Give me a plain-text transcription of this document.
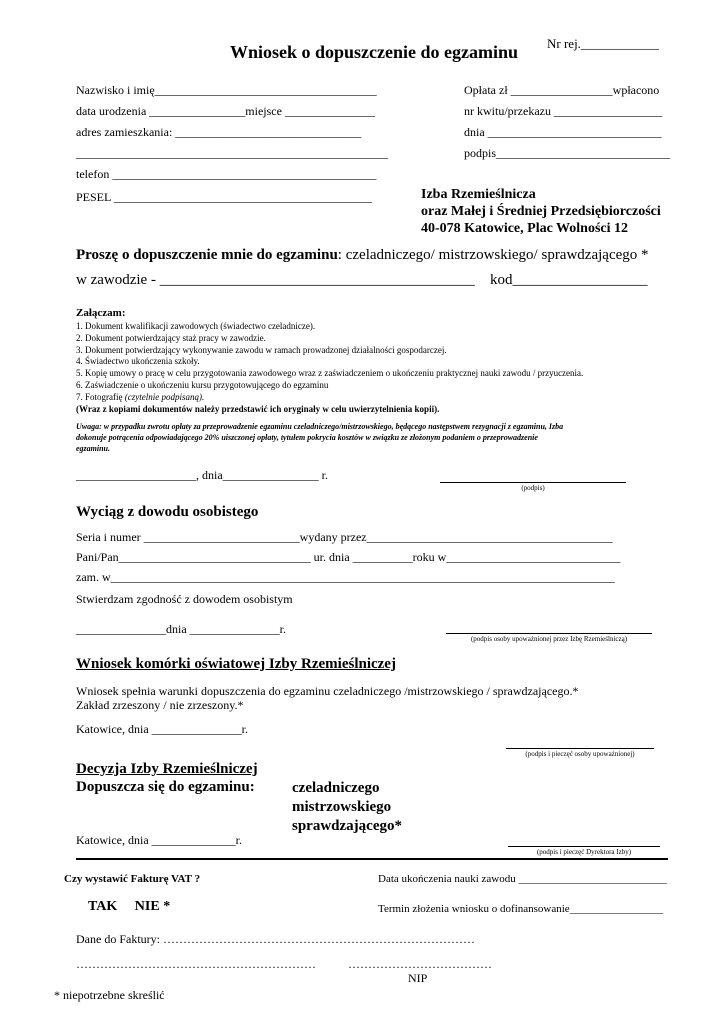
Wniosek o dopuszczenie do egzaminu Nr rej.____________
Nazwisko i imię_____________________________________
data urodzenia ________________miejsce _______________
adres zamieszkania: _______________________________
____________________________________________________
telefon ____________________________________________
PESEL ___________________________________________
Opłata zł _________________wpłacono
nr kwitu/przekazu __________________
dnia _____________________________
podpis_____________________________
Izba Rzemieślnicza
oraz Małej i Średniej Przedsiębiorczości
40-078 Katowice, Plac Wolności 12
Proszę o dopuszczenie mnie do egzaminu: czeladniczego/ mistrzowskiego/ sprawdzającego *
w zawodzie - __________________________________________ kod__________________
Załączam:
1. Dokument kwalifikacji zawodowych (świadectwo czeladnicze).
2. Dokument potwierdzający staż pracy w zawodzie.
3. Dokument potwierdzający wykonywanie zawodu w ramach prowadzonej działalności gospodarczej.
4. Świadectwo ukończenia szkoły.
5. Kopię umowy o pracę w celu przygotowania zawodowego wraz z zaświadczeniem o ukończeniu praktycznej nauki zawodu / przyuczenia.
6. Zaświadczenie o ukończeniu kursu przygotowującego do egzaminu
7. Fotografię (czytelnie podpisaną).
(Wraz z kopiami dokumentów należy przedstawić ich oryginały w celu uwierzytelnienia kopii).
Uwaga: w przypadku zwrotu opłaty za przeprowadzenie egzaminu czeladniczego/mistrzowskiego, będącego następstwem rezygnacji z egzaminu, Izba
dokonuje potrącenia odpowiadającego 20% uiszczonej opłaty, tytułem pokrycia kosztów w związku ze złożonym podaniem o przeprowadzenie
egzaminu.
____________________, dnia________________ r.
(podpis)
Wyciąg z dowodu osobistego
Seria i numer __________________________wydany przez_________________________________________
Pani/Pan________________________________ ur. dnia __________roku w_____________________________
zam. w____________________________________________________________________________________
Stwierdzam zgodność z dowodem osobistym
_______________dnia _______________r.
(podpis osoby upoważnionej przez Izbę Rzemieślniczą)
Wniosek komórki oświatowej Izby Rzemieślniczej
Wniosek spełnia warunki dopuszczenia do egzaminu czeladniczego /mistrzowskiego / sprawdzającego.*
Zakład zrzeszony / nie zrzeszony.*
Katowice, dnia _______________r.
(podpis i pieczęć osoby upoważnionej)
Decyzja Izby Rzemieślniczej
Dopuszcza się do egzaminu: czeladniczego
mistrzowskiego
sprawdzającego*
Katowice, dnia ______________r.
(podpis i pieczęć Dyrektora Izby)
Czy wystawić Fakturę VAT ?	Data ukończenia nauki zawodu ___________________________
TAK     NIE *	Termin złożenia wniosku o dofinansowanie_________________
Dane do Faktury: ……………………………………………………………………
……………………………………………………	………………………………
NIP
* niepotrzebne skreślić
